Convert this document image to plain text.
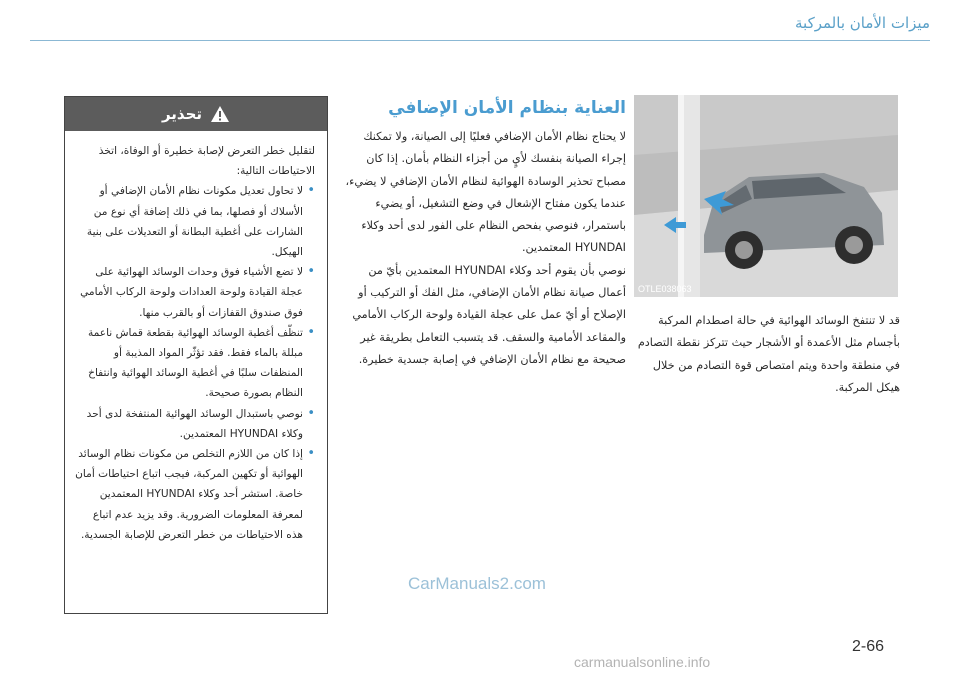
ميزات الأمان بالمركبة
تحذير

لتقليل خطر التعرض لإصابة خطيرة أو الوفاة، اتخذ الاحتياطات التالية:

• لا تحاول تعديل مكونات نظام الأمان الإضافي أو الأسلاك أو فصلها، بما في ذلك إضافة أي نوع من الشارات على أغطية البطانة أو التعديلات على بنية الهيكل.
• لا تضع الأشياء فوق وحدات الوسائد الهوائية على عجلة القيادة ولوحة العدادات ولوحة الركاب الأمامي فوق صندوق القفازات أو بالقرب منها.
• تنظّف أغطية الوسائد الهوائية بقطعة قماش ناعمة مبللة بالماء فقط. فقد تؤثّر المواد المذيبة أو المنظفات سلبًا في أغطية الوسائد الهوائية وانتفاخ النظام بصورة صحيحة.
• نوصي باستبدال الوسائد الهوائية المنتفخة لدى أحد وكلاء HYUNDAI المعتمدين.
• إذا كان من اللازم التخلص من مكونات نظام الوسائد الهوائية أو تكهين المركبة، فيجب اتباع احتياطات أمان خاصة. استشر أحد وكلاء HYUNDAI المعتمدين لمعرفة المعلومات الضرورية. وقد يزيد عدم اتباع هذه الاحتياطات من خطر التعرض للإصابة الجسدية.
العناية بنظام الأمان الإضافي

لا يحتاج نظام الأمان الإضافي فعليًا إلى الصيانة، ولا تمكنك إجراء الصيانة بنفسك لأيٍ من أجزاء النظام بأمان. إذا كان مصباح تحذير الوسادة الهوائية لنظام الأمان الإضافي لا يضيء، عندما يكون مفتاح الإشعال في وضع التشغيل، أو يضيء باستمرار، فنوصي بفحص النظام على الفور لدى أحد وكلاء HYUNDAI المعتمدين.

نوصي بأن يقوم أحد وكلاء HYUNDAI المعتمدين بأيّ من أعمال صيانة نظام الأمان الإضافي، مثل الفك أو التركيب أو الإصلاح أو أيّ عمل على عجلة القيادة ولوحة الركاب الأمامي والمقاعد الأمامية والسقف. قد يتسبب التعامل بطريقة غير صحيحة مع نظام الأمان الإضافي في إصابة جسدية خطيرة.

OTLE038063

قد لا تنتفخ الوسائد الهوائية في حالة اصطدام المركبة بأجسام مثل الأعمدة أو الأشجار حيث تتركز نقطة التصادم في منطقة واحدة ويتم امتصاص قوة التصادم من خلال هيكل المركبة.

CarManuals2.com
2-66
carmanualsonline.info
